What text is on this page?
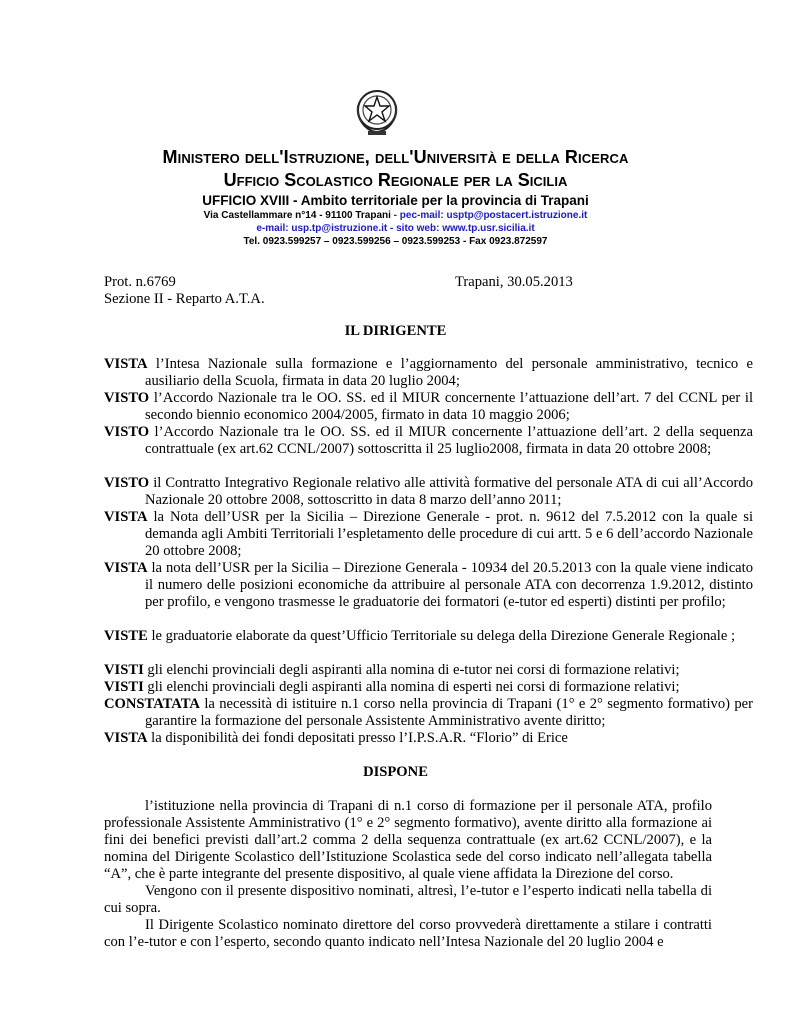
Ministero dell'Istruzione, dell'Università e della Ricerca
Ufficio Scolastico Regionale per la Sicilia
UFFICIO XVIII - Ambito territoriale per la provincia di Trapani
Via Castellammare n°14 - 91100 Trapani - pec-mail: usptp@postacert.istruzione.it
e-mail: usp.tp@istruzione.it - sito web: www.tp.usr.sicilia.it
Tel. 0923.599257 – 0923.599256 – 0923.599253 - Fax 0923.872597
Prot. n.6769	Trapani, 30.05.2013
Sezione II - Reparto A.T.A.
IL DIRIGENTE
VISTA l’Intesa Nazionale sulla formazione e l’aggiornamento del personale amministrativo, tecnico e ausiliario della Scuola, firmata in data 20 luglio 2004;
VISTO l’Accordo Nazionale tra le OO. SS. ed il MIUR concernente l’attuazione dell’art. 7 del CCNL per il secondo biennio economico 2004/2005, firmato in data 10 maggio 2006;
VISTO l’Accordo Nazionale tra le OO. SS. ed il MIUR concernente l’attuazione dell’art. 2 della sequenza contrattuale (ex art.62 CCNL/2007) sottoscritta il 25 luglio2008, firmata in data 20 ottobre 2008;
VISTO il Contratto Integrativo Regionale relativo alle attività formative del personale ATA di cui all’Accordo Nazionale 20 ottobre 2008, sottoscritto in data 8 marzo dell’anno 2011;
VISTA la Nota dell’USR per la Sicilia – Direzione Generale - prot. n. 9612 del 7.5.2012 con la quale si demanda agli Ambiti Territoriali l’espletamento delle procedure di cui artt. 5 e 6 dell’accordo Nazionale 20 ottobre 2008;
VISTA la nota dell’USR per la Sicilia – Direzione Generala - 10934 del 20.5.2013 con la quale viene indicato il numero delle posizioni economiche da attribuire al personale ATA con decorrenza 1.9.2012, distinto per profilo, e vengono trasmesse le graduatorie dei formatori (e-tutor ed esperti) distinti per profilo;
VISTE le graduatorie elaborate da quest’Ufficio Territoriale su delega della Direzione Generale Regionale ;
VISTI gli elenchi provinciali degli aspiranti alla nomina di e-tutor nei corsi di formazione relativi;
VISTI gli elenchi provinciali degli aspiranti alla nomina di esperti nei corsi di formazione relativi;
CONSTATATA la necessità di istituire n.1 corso nella provincia di Trapani (1° e 2° segmento formativo) per garantire la formazione del personale Assistente Amministrativo avente diritto;
VISTA la disponibilità dei fondi depositati presso l’I.P.S.A.R. “Florio” di Erice
DISPONE
l’istituzione nella provincia di Trapani di n.1 corso di formazione per il personale ATA, profilo professionale Assistente Amministrativo (1° e 2° segmento formativo), avente diritto alla formazione ai fini dei benefici previsti dall’art.2 comma 2 della sequenza contrattuale (ex art.62 CCNL/2007), e la nomina del Dirigente Scolastico dell’Istituzione Scolastica sede del corso indicato nell’allegata tabella “A”, che è parte integrante del presente dispositivo, al quale viene affidata la Direzione del corso.
Vengono con il presente dispositivo nominati, altresì, l’e-tutor e l’esperto indicati nella tabella di cui sopra.
Il Dirigente Scolastico nominato direttore del corso provvederà direttamente a stilare i contratti con l’e-tutor e con l’esperto, secondo quanto indicato nell’Intesa Nazionale del 20 luglio 2004 e
